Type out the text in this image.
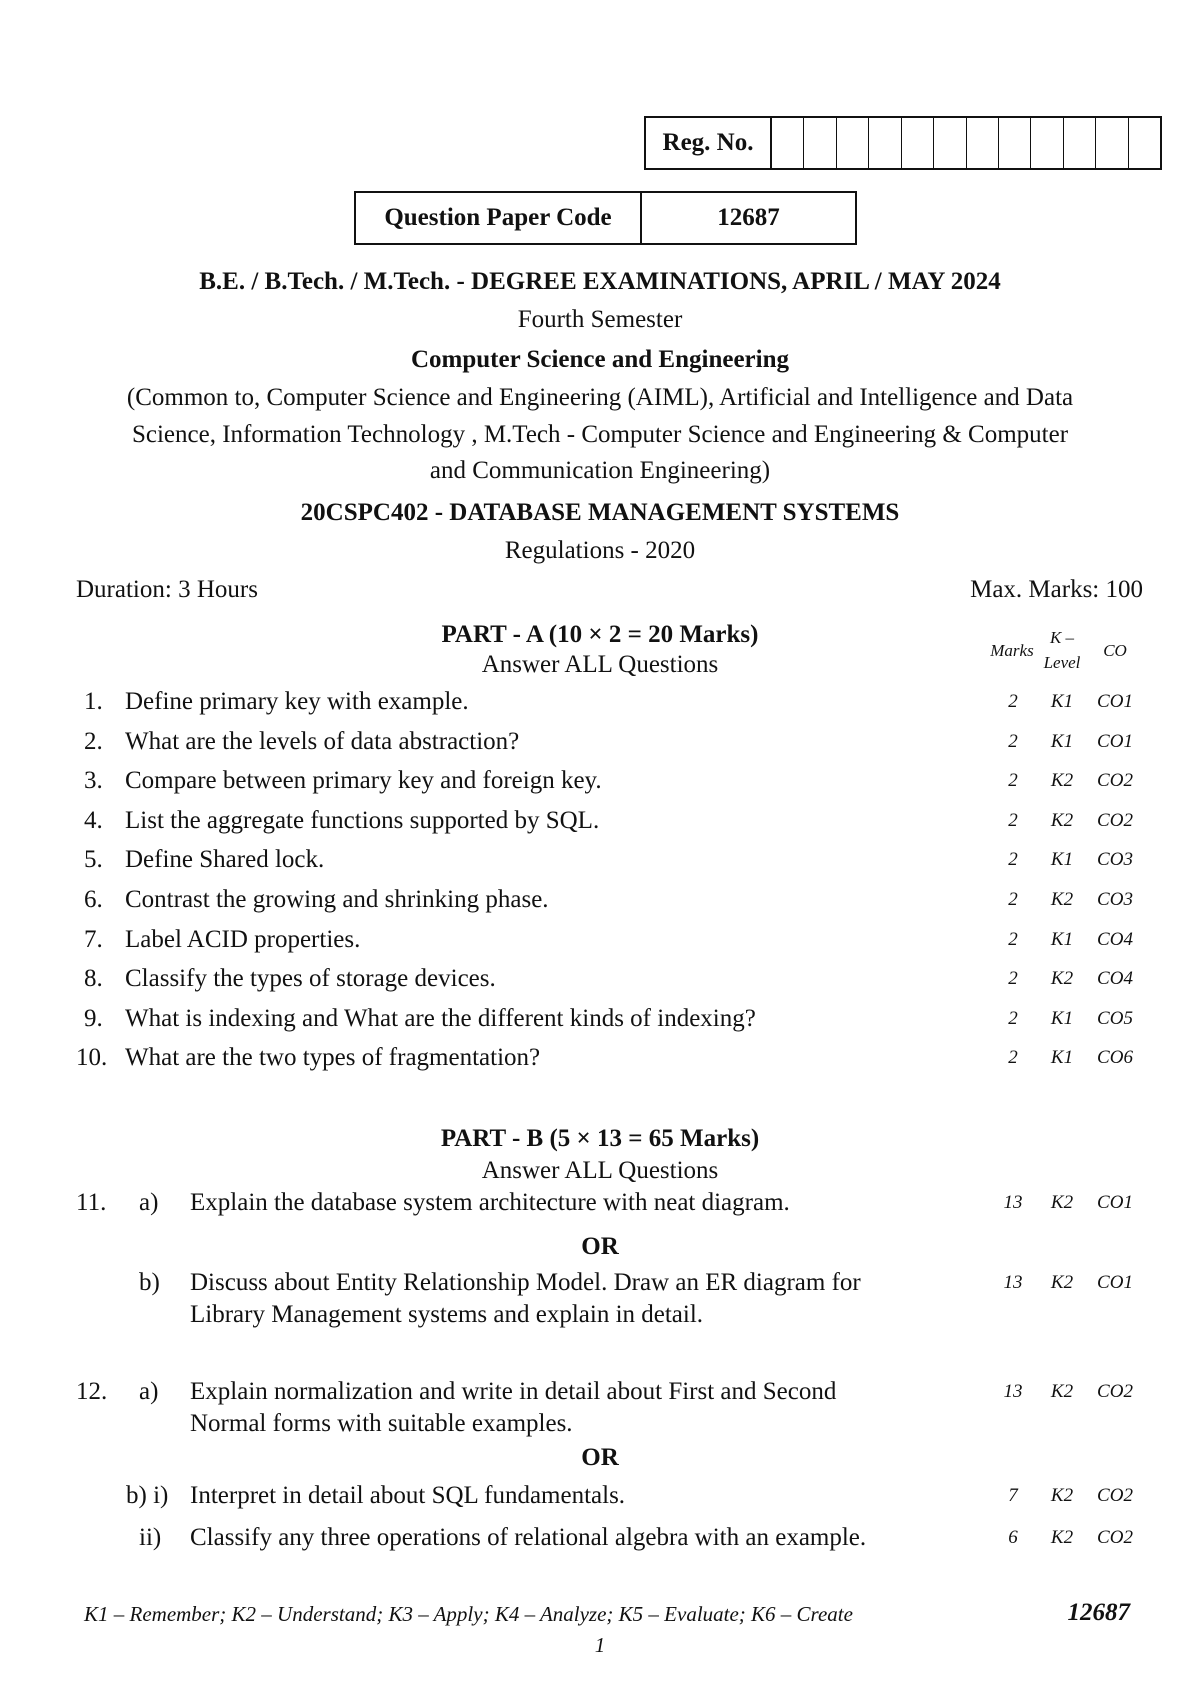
Reg. No.
Question Paper Code	12687
B.E. / B.Tech. / M.Tech. - DEGREE EXAMINATIONS, APRIL / MAY 2024
Fourth Semester
Computer Science and Engineering
(Common to, Computer Science and Engineering (AIML), Artificial and Intelligence and Data
Science, Information Technology , M.Tech - Computer Science and Engineering & Computer
and Communication Engineering)
20CSPC402 - DATABASE MANAGEMENT SYSTEMS
Regulations - 2020
Duration: 3 Hours	Max. Marks: 100
PART - A (10 × 2 = 20 Marks)
Answer ALL Questions
Marks
K –
Level
CO
1. Define primary key with example.	2	K1	CO1
2. What are the levels of data abstraction?	2	K1	CO1
3. Compare between primary key and foreign key.	2	K2	CO2
4. List the aggregate functions supported by SQL.	2	K2	CO2
5. Define Shared lock.	2	K1	CO3
6. Contrast the growing and shrinking phase.	2	K2	CO3
7. Label ACID properties.	2	K1	CO4
8. Classify the types of storage devices.	2	K2	CO4
9. What is indexing and What are the different kinds of indexing?	2	K1	CO5
10. What are the two types of fragmentation?	2	K1	CO6
PART - B (5 × 13 = 65 Marks)
Answer ALL Questions
11. a) Explain the database system architecture with neat diagram.	13	K2	CO1
OR
b) Discuss about Entity Relationship Model. Draw an ER diagram for
Library Management systems and explain in detail.
13	K2	CO1
12. a) Explain normalization and write in detail about First and Second
Normal forms with suitable examples.
13	K2	CO2
OR
b) i) Interpret in detail about SQL fundamentals.	7	K2	CO2
ii) Classify any three operations of relational algebra with an example.	6	K2	CO2
K1 – Remember; K2 – Understand; K3 – Apply; K4 – Analyze; K5 – Evaluate; K6 – Create	12687
1
